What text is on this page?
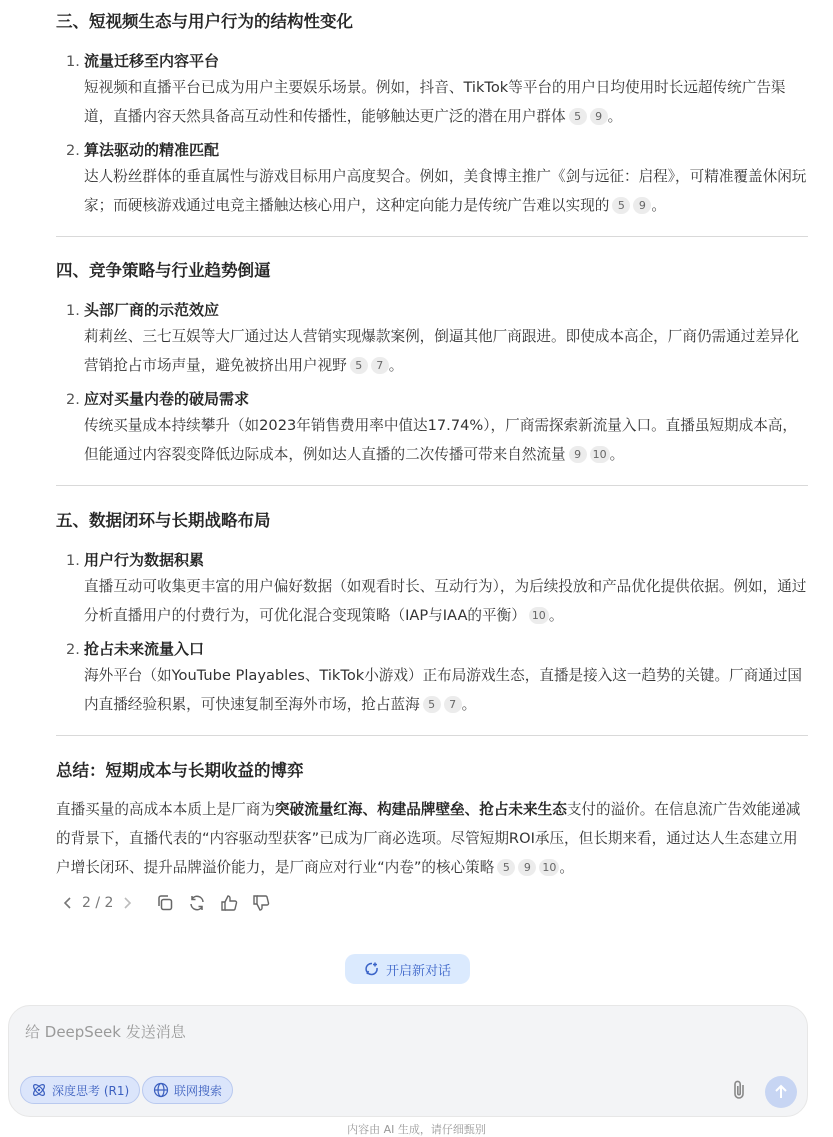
三、短视频生态与用户行为的结构性变化
1. 流量迁移至内容平台
短视频和直播平台已成为用户主要娱乐场景。例如，抖音、TikTok等平台的用户日均使用时长远超传统广告渠道，直播内容天然具备高互动性和传播性，能够触达更广泛的潜在用户群体 5 9 。
2. 算法驱动的精准匹配
达人粉丝群体的垂直属性与游戏目标用户高度契合。例如，美食博主推广《剑与远征：启程》，可精准覆盖休闲玩家；而硬核游戏通过电竞主播触达核心用户，这种定向能力是传统广告难以实现的 5 9 。
四、竞争策略与行业趋势倒逼
1. 头部厂商的示范效应
莉莉丝、三七互娱等大厂通过达人营销实现爆款案例，倒逼其他厂商跟进。即使成本高企，厂商仍需通过差异化营销抢占市场声量，避免被挤出用户视野 5 7 。
2. 应对买量内卷的破局需求
传统买量成本持续攀升（如2023年销售费用率中值达17.74%），厂商需探索新流量入口。直播虽短期成本高，但能通过内容裂变降低边际成本，例如达人直播的二次传播可带来自然流量 9 10 。
五、数据闭环与长期战略布局
1. 用户行为数据积累
直播互动可收集更丰富的用户偏好数据（如观看时长、互动行为），为后续投放和产品优化提供依据。例如，通过分析直播用户的付费行为，可优化混合变现策略（IAP与IAA的平衡） 10 。
2. 抢占未来流量入口
海外平台（如YouTube Playables、TikTok小游戏）正布局游戏生态，直播是接入这一趋势的关键。厂商通过国内直播经验积累，可快速复制至海外市场，抢占蓝海 5 7 。
总结：短期成本与长期收益的博弈
直播买量的高成本本质上是厂商为突破流量红海、构建品牌壁垒、抢占未来生态支付的溢价。在信息流广告效能递减的背景下，直播代表的“内容驱动型获客”已成为厂商必选项。尽管短期ROI承压，但长期来看，通过达人生态建立用户增长闭环、提升品牌溢价能力，是厂商应对行业“内卷”的核心策略 5 9 10 。
2 / 2
开启新对话
给 DeepSeek 发送消息
深度思考 (R1)	联网搜索
内容由 AI 生成，请仔细甄别
